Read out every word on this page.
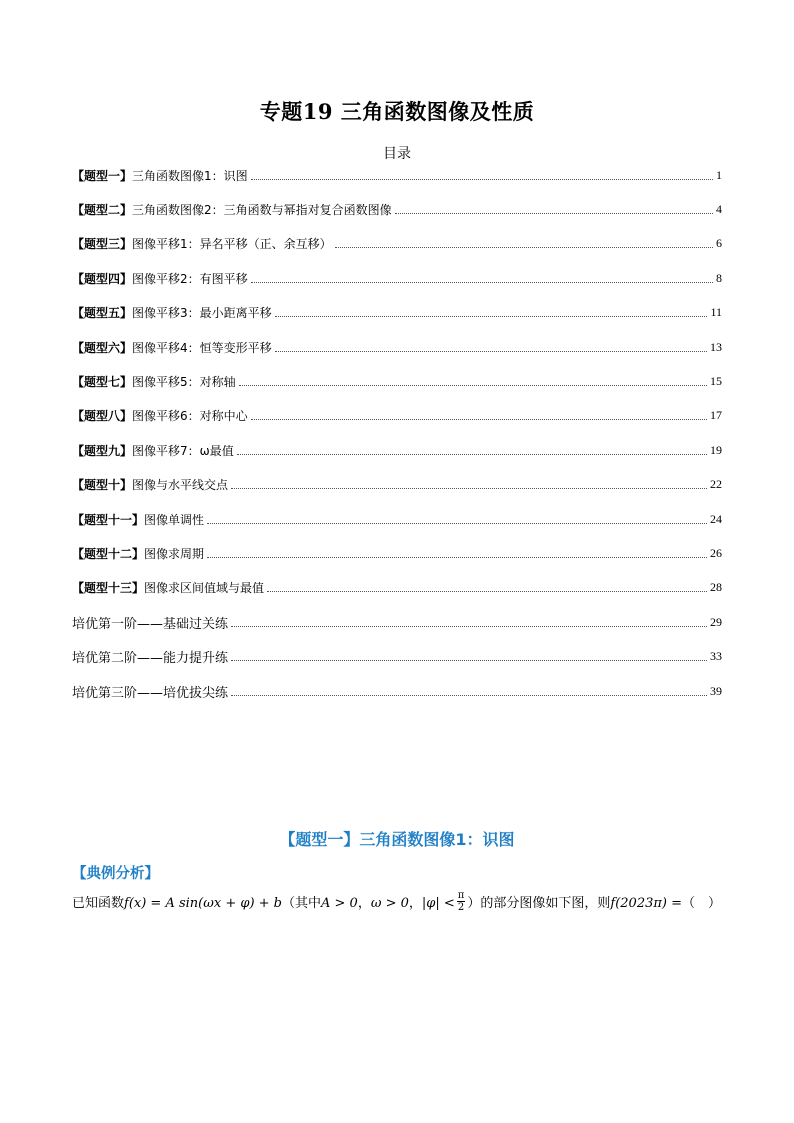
专题19 三角函数图像及性质
目录
【题型一】三角函数图像1：识图	1
【题型二】三角函数图像2：三角函数与幂指对复合函数图像	4
【题型三】图像平移1：异名平移（正、余互移）	6
【题型四】图像平移2：有图平移	8
【题型五】图像平移3：最小距离平移	11
【题型六】图像平移4：恒等变形平移	13
【题型七】图像平移5：对称轴	15
【题型八】图像平移6：对称中心	17
【题型九】图像平移7：ω最值	19
【题型十】图像与水平线交点	22
【题型十一】图像单调性	24
【题型十二】图像求周期	26
【题型十三】图像求区间值域与最值	28
培优第一阶——基础过关练	29
培优第二阶——能力提升练	33
培优第三阶——培优拔尖练	39
【题型一】三角函数图像1：识图
【典例分析】
已知函数f(x) = A sin(ωx + φ) + b（其中A > 0，ω > 0，$|\varphi| < \frac{\pi}{2}$ ）的部分图像如下图，则f(2023π) =（　）
